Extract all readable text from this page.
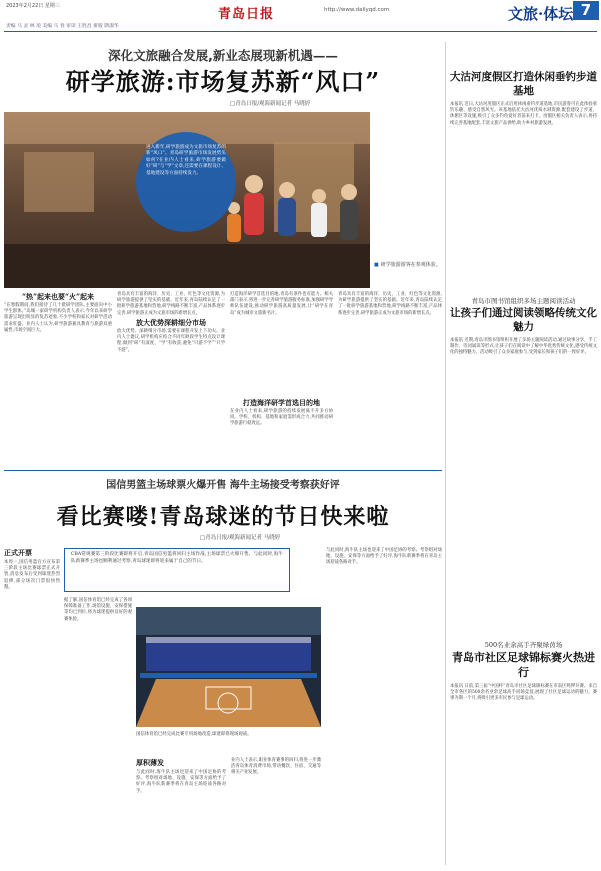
2023年2月22日 星期三
青岛日报	http://www.dailyqd.com	文旅·体坛 7
责编 马 灵 林 琅 美编 马 春 审读 王胜昌 排版 隋淑华
深化文旅融合发展,新业态展现新机遇——
研学旅游:市场复苏新“风口”
□青岛日报/观海新闻记者 马晓婷
进入新年,研学旅游成为文旅市场复苏的新“风口”。青岛研学旅游市场发展势头如何?在业内人士看来,研学旅游要做好“研”与“学”文章,还需要在课程设计、基地建设等方面持续发力。
■ 研学旅游游客在参观体验。
“热”起来也要“火”起来
“在寒假期间,我们接待了几十批研学团队,主要面向中小学生群体。”岛城一家研学机构负责人表示,今年以来研学旅游呈现出明显的复苏迹象,不少学校和家长对研学活动需求旺盛。业内人士认为,研学旅游兼具教育与旅游双重属性,市场空间巨大。
青岛具有丰富的海洋、历史、工业、红色等文化资源,为研学旅游提供了坚实的基础。近年来,青岛陆续认定了一批研学旅游基地和营地,研学线路不断丰富,产品体系逐步完善,研学旅游正成为文旅市场的新增长点。
放大优势深耕细分市场
放大优势、深耕细分市场,需要在课程开发上下功夫。业内人士建议,研学机构应结合不同年龄段学生特点设计课程,做到“研”有深度、“学”有收获,避免“只游不学”“只学不游”。
打造海洋研学首选目的地,青岛有条件也有能力。相关部门表示,将进一步完善研学旅游服务标准,加强研学导师队伍建设,推动研学旅游高质量发展,让“研学在青岛”成为城市文旅新名片。
打造海洋研学首选目的地
在业内人士看来,研学旅游的持续发展离不开多方协同。学校、机构、基地和家庭需形成合力,共同推动研学旅游行稳致远。
青岛具有丰富的海洋、历史、工业、红色等文化资源,为研学旅游提供了坚实的基础。近年来,青岛陆续认定了一批研学旅游基地和营地,研学线路不断丰富,产品体系逐步完善,研学旅游正成为文旅市场的新增长点。
国信男篮主场球票火爆开售 海牛主场接受考察获好评
看比赛喽!青岛球迷的节日快来啦
□青岛日报/观海新闻记者 马晓婷
CBA常规赛第三阶段比赛即将开启,青岛国信男篮将回归主场作战,主场球票已火爆开售。与此同时,海牛队新赛季主场也顺利通过考察,青岛球迷即将迎来属于自己的节日。
正式开票
本周一,国信男篮官方宣布第三阶段主场比赛球票正式开售,消息发布后受到球迷热烈追捧,部分场次门票很快售罄。
据了解,国信体育馆已经完成了各项保障准备工作,场馆设施、安保措施等均已到位,将为球迷提供良好的观赛体验。
国信体育馆已经完成比赛专用场地改造,球迷即将现场观战。
厚积薄发
与此同时,海牛队主场也迎来了中国足协的考察。考察组对场地、设施、安保等方面给予了好评,海牛队新赛季将在青岛主场迎战各路对手。
业内人士表示,职业体育赛事的回归,将进一步激活青岛体育消费市场,带动餐饮、住宿、交通等相关产业发展。
与此同时,海牛队主场也迎来了中国足协的考察。考察组对场地、设施、安保等方面给予了好评,海牛队新赛季将在青岛主场迎战各路对手。
大沽河度假区打造休闲垂钓步道基地
本报讯 近日,大沽河度假区正式启用休闲垂钓步道基地,市民游客可在此体验垂钓乐趣、感受自然风光。该基地依托大沽河优质水域资源,配套建设了步道、休憩区等设施,吸引了众多钓鱼爱好者前来打卡。度假区相关负责人表示,将持续完善基地配套,丰富文旅产品供给,助力乡村旅游发展。
青岛市图书馆组织多场主题阅读活动
让孩子们通过阅读领略传统文化魅力
本报讯 近期,青岛市图书馆组织开展了多场主题阅读活动,通过故事分享、手工制作、诗词诵读等形式,让孩子们在阅读中了解中华优秀传统文化,感受传统文化的独特魅力。活动吸引了众多家庭参与,受到家长和孩子们的一致好评。
500名业余高手齐聚绿茵场
青岛市社区足球锦标赛火热进行
本报讯 日前,第三届“中国杯”青岛市社区足球锦标赛在市南区鸣锣开赛。来自全市各区的500余名业余足球高手同场竞技,展现了社区足球运动的魅力。赛事为期一个月,将吸引更多市民参与足球运动。
